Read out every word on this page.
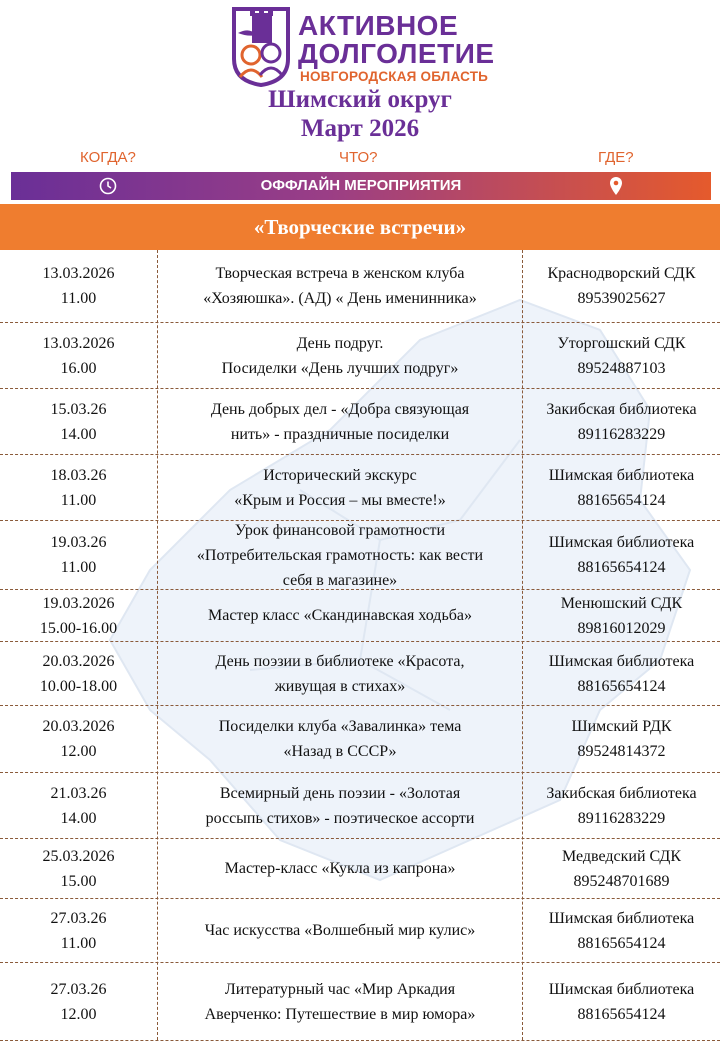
АКТИВНОЕ
ДОЛГОЛЕТИЕ
НОВГОРОДСКАЯ ОБЛАСТЬ
Шимский округ
Март 2026
КОГДА?	ЧТО?	ГДЕ?
ОФФЛАЙН МЕРОПРИЯТИЯ
«Творческие встречи»
13.03.2026
11.00
Творческая встреча в женском клуба
«Хозяюшка». (АД) « День именинника»
Краснодворский СДК
89539025627
13.03.2026
16.00
День подруг.
Посиделки «День лучших подруг»
Уторгошский СДК
89524887103
15.03.26
14.00
День добрых дел - «Добра связующая
нить» - праздничные посиделки
Закибская библиотека
89116283229
18.03.26
11.00
Исторический экскурс
«Крым и Россия – мы вместе!»
Шимская библиотека
88165654124
19.03.26
11.00
Урок финансовой грамотности
«Потребительская грамотность: как вести
себя в магазине»
Шимская библиотека
88165654124
19.03.2026
15.00-16.00
Мастер класс «Скандинавская ходьба»
Менюшский СДК
89816012029
20.03.2026
10.00-18.00
День поэзии в библиотеке «Красота,
живущая в стихах»
Шимская библиотека
88165654124
20.03.2026
12.00
Посиделки клуба «Завалинка» тема
«Назад в СССР»
Шимский РДК
89524814372
21.03.26
14.00
Всемирный день поэзии - «Золотая
россыпь стихов» - поэтическое ассорти
Закибская библиотека
89116283229
25.03.2026
15.00
Мастер-класс «Кукла из капрона»
Медведский СДК
895248701689
27.03.26
11.00
Час искусства «Волшебный мир кулис»
Шимская библиотека
88165654124
27.03.26
12.00
Литературный час «Мир Аркадия
Аверченко: Путешествие в мир юмора»
Шимская библиотека
88165654124
